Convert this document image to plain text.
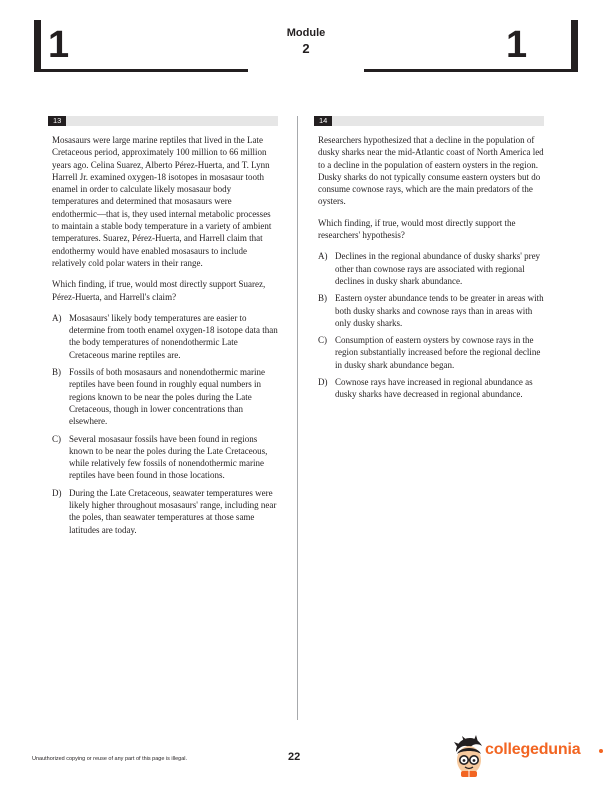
1	1
Module
2
13

Mosasaurs were large marine reptiles that lived in the Late Cretaceous period, approximately 100 million to 66 million years ago. Celina Suarez, Alberto Pérez-Huerta, and T. Lynn Harrell Jr. examined oxygen-18 isotopes in mosasaur tooth enamel in order to calculate likely mosasaur body temperatures and determined that mosasaurs were endothermic—that is, they used internal metabolic processes to maintain a stable body temperature in a variety of ambient temperatures. Suarez, Pérez-Huerta, and Harrell claim that endothermy would have enabled mosasaurs to include relatively cold polar waters in their range.

Which finding, if true, would most directly support Suarez, Pérez-Huerta, and Harrell's claim?

A) Mosasaurs' likely body temperatures are easier to determine from tooth enamel oxygen-18 isotope data than the body temperatures of nonendothermic Late Cretaceous marine reptiles are.
B) Fossils of both mosasaurs and nonendothermic marine reptiles have been found in roughly equal numbers in regions known to be near the poles during the Late Cretaceous, though in lower concentrations than elsewhere.
C) Several mosasaur fossils have been found in regions known to be near the poles during the Late Cretaceous, while relatively few fossils of nonendothermic marine reptiles have been found in those locations.
D) During the Late Cretaceous, seawater temperatures were likely higher throughout mosasaurs' range, including near the poles, than seawater temperatures at those same latitudes are today.
14

Researchers hypothesized that a decline in the population of dusky sharks near the mid-Atlantic coast of North America led to a decline in the population of eastern oysters in the region. Dusky sharks do not typically consume eastern oysters but do consume cownose rays, which are the main predators of the oysters.

Which finding, if true, would most directly support the researchers' hypothesis?

A) Declines in the regional abundance of dusky sharks' prey other than cownose rays are associated with regional declines in dusky shark abundance.
B) Eastern oyster abundance tends to be greater in areas with both dusky sharks and cownose rays than in areas with only dusky sharks.
C) Consumption of eastern oysters by cownose rays in the region substantially increased before the regional decline in dusky shark abundance began.
D) Cownose rays have increased in regional abundance as dusky sharks have decreased in regional abundance.
Unauthorized copying or reuse of any part of this page is illegal.	22	collegedunia
